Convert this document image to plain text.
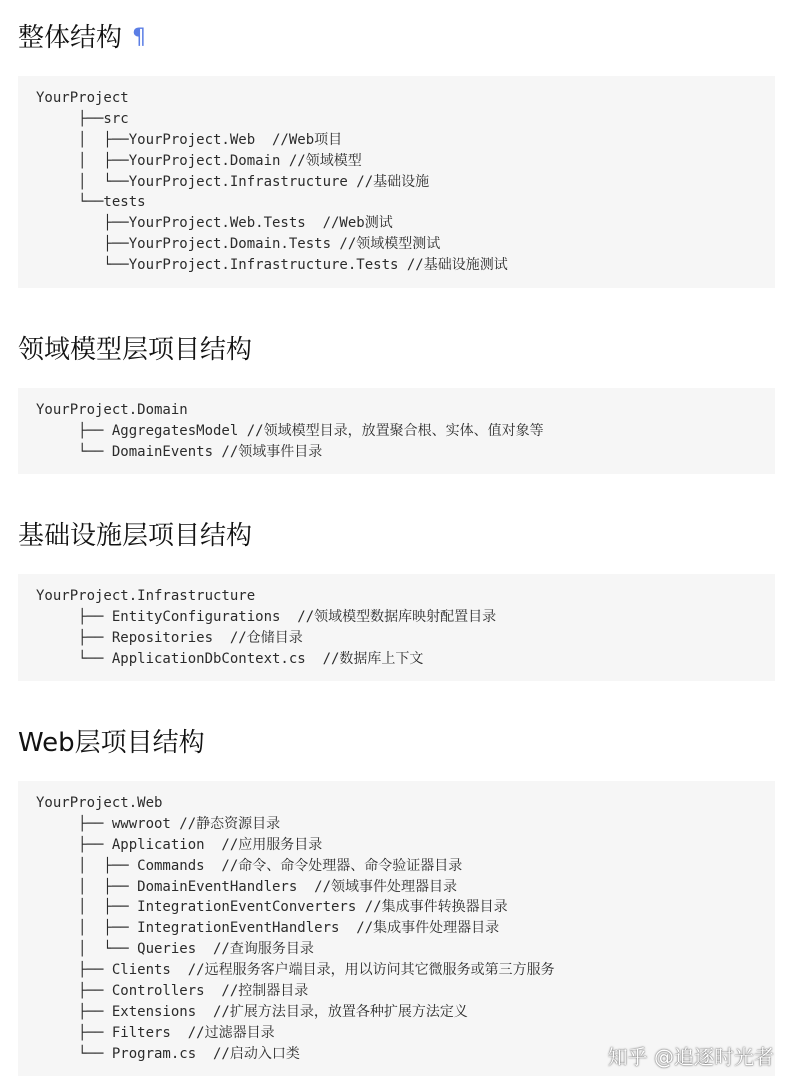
整体结构 ¶
YourProject
├──src
│  ├──YourProject.Web  //Web项目
│  ├──YourProject.Domain //领域模型
│  └──YourProject.Infrastructure //基础设施
└──tests
├──YourProject.Web.Tests  //Web测试
├──YourProject.Domain.Tests //领域模型测试
└──YourProject.Infrastructure.Tests //基础设施测试
领域模型层项目结构
YourProject.Domain
├── AggregatesModel //领域模型目录，放置聚合根、实体、值对象等
└── DomainEvents //领域事件目录
基础设施层项目结构
YourProject.Infrastructure
├── EntityConfigurations  //领域模型数据库映射配置目录
├── Repositories  //仓储目录
└── ApplicationDbContext.cs  //数据库上下文
Web层项目结构
YourProject.Web
├── wwwroot //静态资源目录
├── Application  //应用服务目录
│  ├── Commands  //命令、命令处理器、命令验证器目录
│  ├── DomainEventHandlers  //领域事件处理器目录
│  ├── IntegrationEventConverters //集成事件转换器目录
│  ├── IntegrationEventHandlers  //集成事件处理器目录
│  └── Queries  //查询服务目录
├── Clients  //远程服务客户端目录，用以访问其它微服务或第三方服务
├── Controllers  //控制器目录
├── Extensions  //扩展方法目录，放置各种扩展方法定义
├── Filters  //过滤器目录
└── Program.cs  //启动入口类	知乎 @追逐时光者
